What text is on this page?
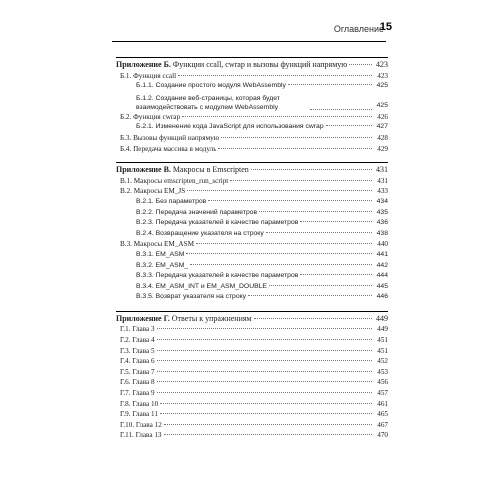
Оглавление
15
Приложение Б. Функции ccall, cwrap и вызовы функций напрямую	423
Б.1. Функция ccall	423
Б.1.1. Создание простого модуля WebAssembly	425
Б.1.2. Создание веб-страницы, которая будет взаимодействовать с модулем WebAssembly	425
Б.2. Функция cwrap	426
Б.2.1. Изменение кода JavaScript для использования cwrap	427
Б.3. Вызовы функций напрямую	428
Б.4. Передача массива в модуль	429
Приложение В. Макросы в Emscripten	431
В.1. Макросы emscripten_run_script	431
В.2. Макросы EM_JS	433
В.2.1. Без параметров	434
В.2.2. Передача значений параметров	435
В.2.3. Передача указателей в качестве параметров	436
В.2.4. Возвращение указателя на строку	438
В.3. Макросы EM_ASM	440
В.3.1. EM_ASM	441
В.3.2. EM_ASM_	442
В.3.3. Передача указателей в качестве параметров	444
В.3.4. EM_ASM_INT и EM_ASM_DOUBLE	445
В.3.5. Возврат указателя на строку	446
Приложение Г. Ответы к упражнениям	449
Г.1. Глава 3	449
Г.2. Глава 4	451
Г.3. Глава 5	451
Г.4. Глава 6	452
Г.5. Глава 7	453
Г.6. Глава 8	456
Г.7. Глава 9	457
Г.8. Глава 10	461
Г.9. Глава 11	465
Г.10. Глава 12	467
Г.11. Глава 13	470
